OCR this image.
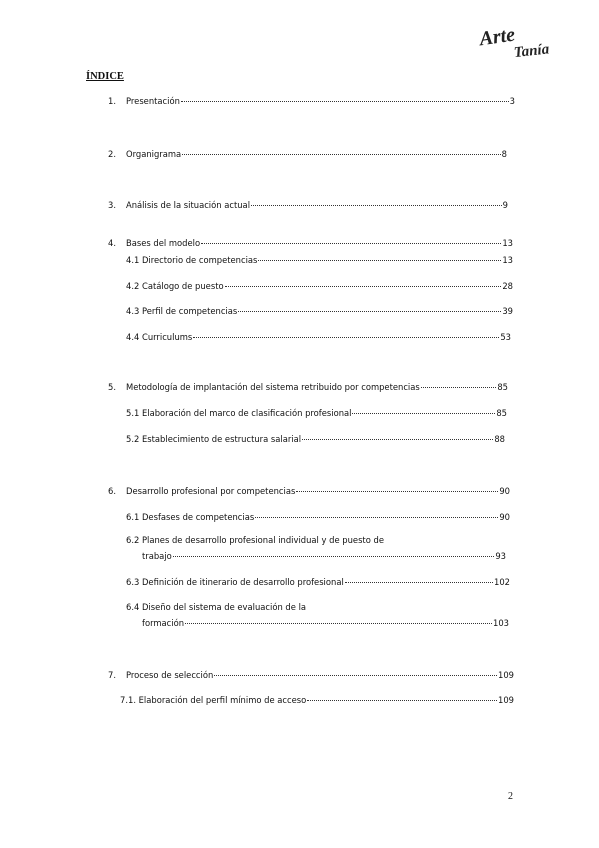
Arte
Tanía
ÍNDICE
1.	Presentación	3
2.	Organigrama	8
3.	Análisis de la situación actual	9
4.	Bases del modelo	13
4.1 Directorio de competencias	13
4.2 Catálogo de puesto	28
4.3 Perfil de competencias	39
4.4 Curriculums	53
5.	Metodología de implantación del sistema retribuido por competencias	85
5.1 Elaboración del marco de clasificación profesional	85
5.2 Establecimiento de estructura salarial	88
6.	Desarrollo profesional por competencias	90
6.1 Desfases de competencias	90
6.2 Planes de desarrollo profesional individual y de puesto de
trabajo	93
6.3 Definición de itinerario de desarrollo profesional	102
6.4 Diseño del sistema de evaluación de la
formación	103
7.	Proceso de selección	109
7.1. Elaboración del perfil mínimo de acceso	109
2
